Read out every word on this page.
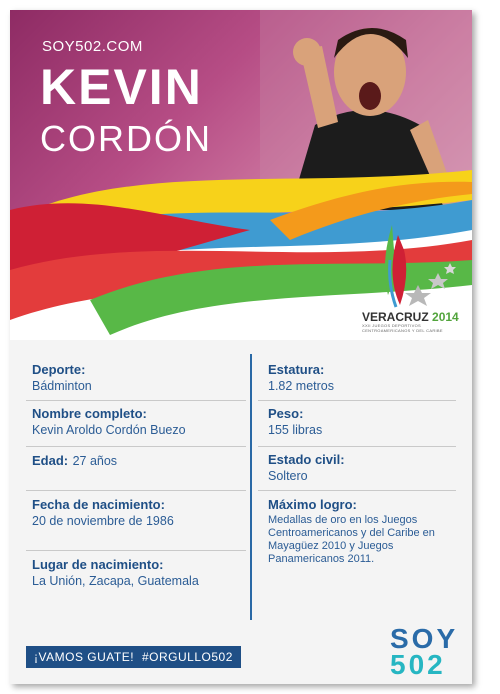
VERACRUZ 2014
XXII JUEGOS DEPORTIVOS CENTROAMERICANOS Y DEL CARIBE
SOY502.COM
KEVIN
CORDÓN
Deporte:
Bádminton
Nombre completo:
Kevin Aroldo Cordón Buezo
Edad: 27 años
Fecha de nacimiento:
20 de noviembre de 1986
Lugar de nacimiento:
La Unión, Zacapa, Guatemala
Estatura:
1.82 metros
Peso:
155 libras
Estado civil:
Soltero
Máximo logro:
Medallas de oro en los Juegos Centroamericanos y del Caribe en Mayagüez 2010 y Juegos Panamericanos 2011.
¡VAMOS GUATE! #ORGULLO502
SOY
502
